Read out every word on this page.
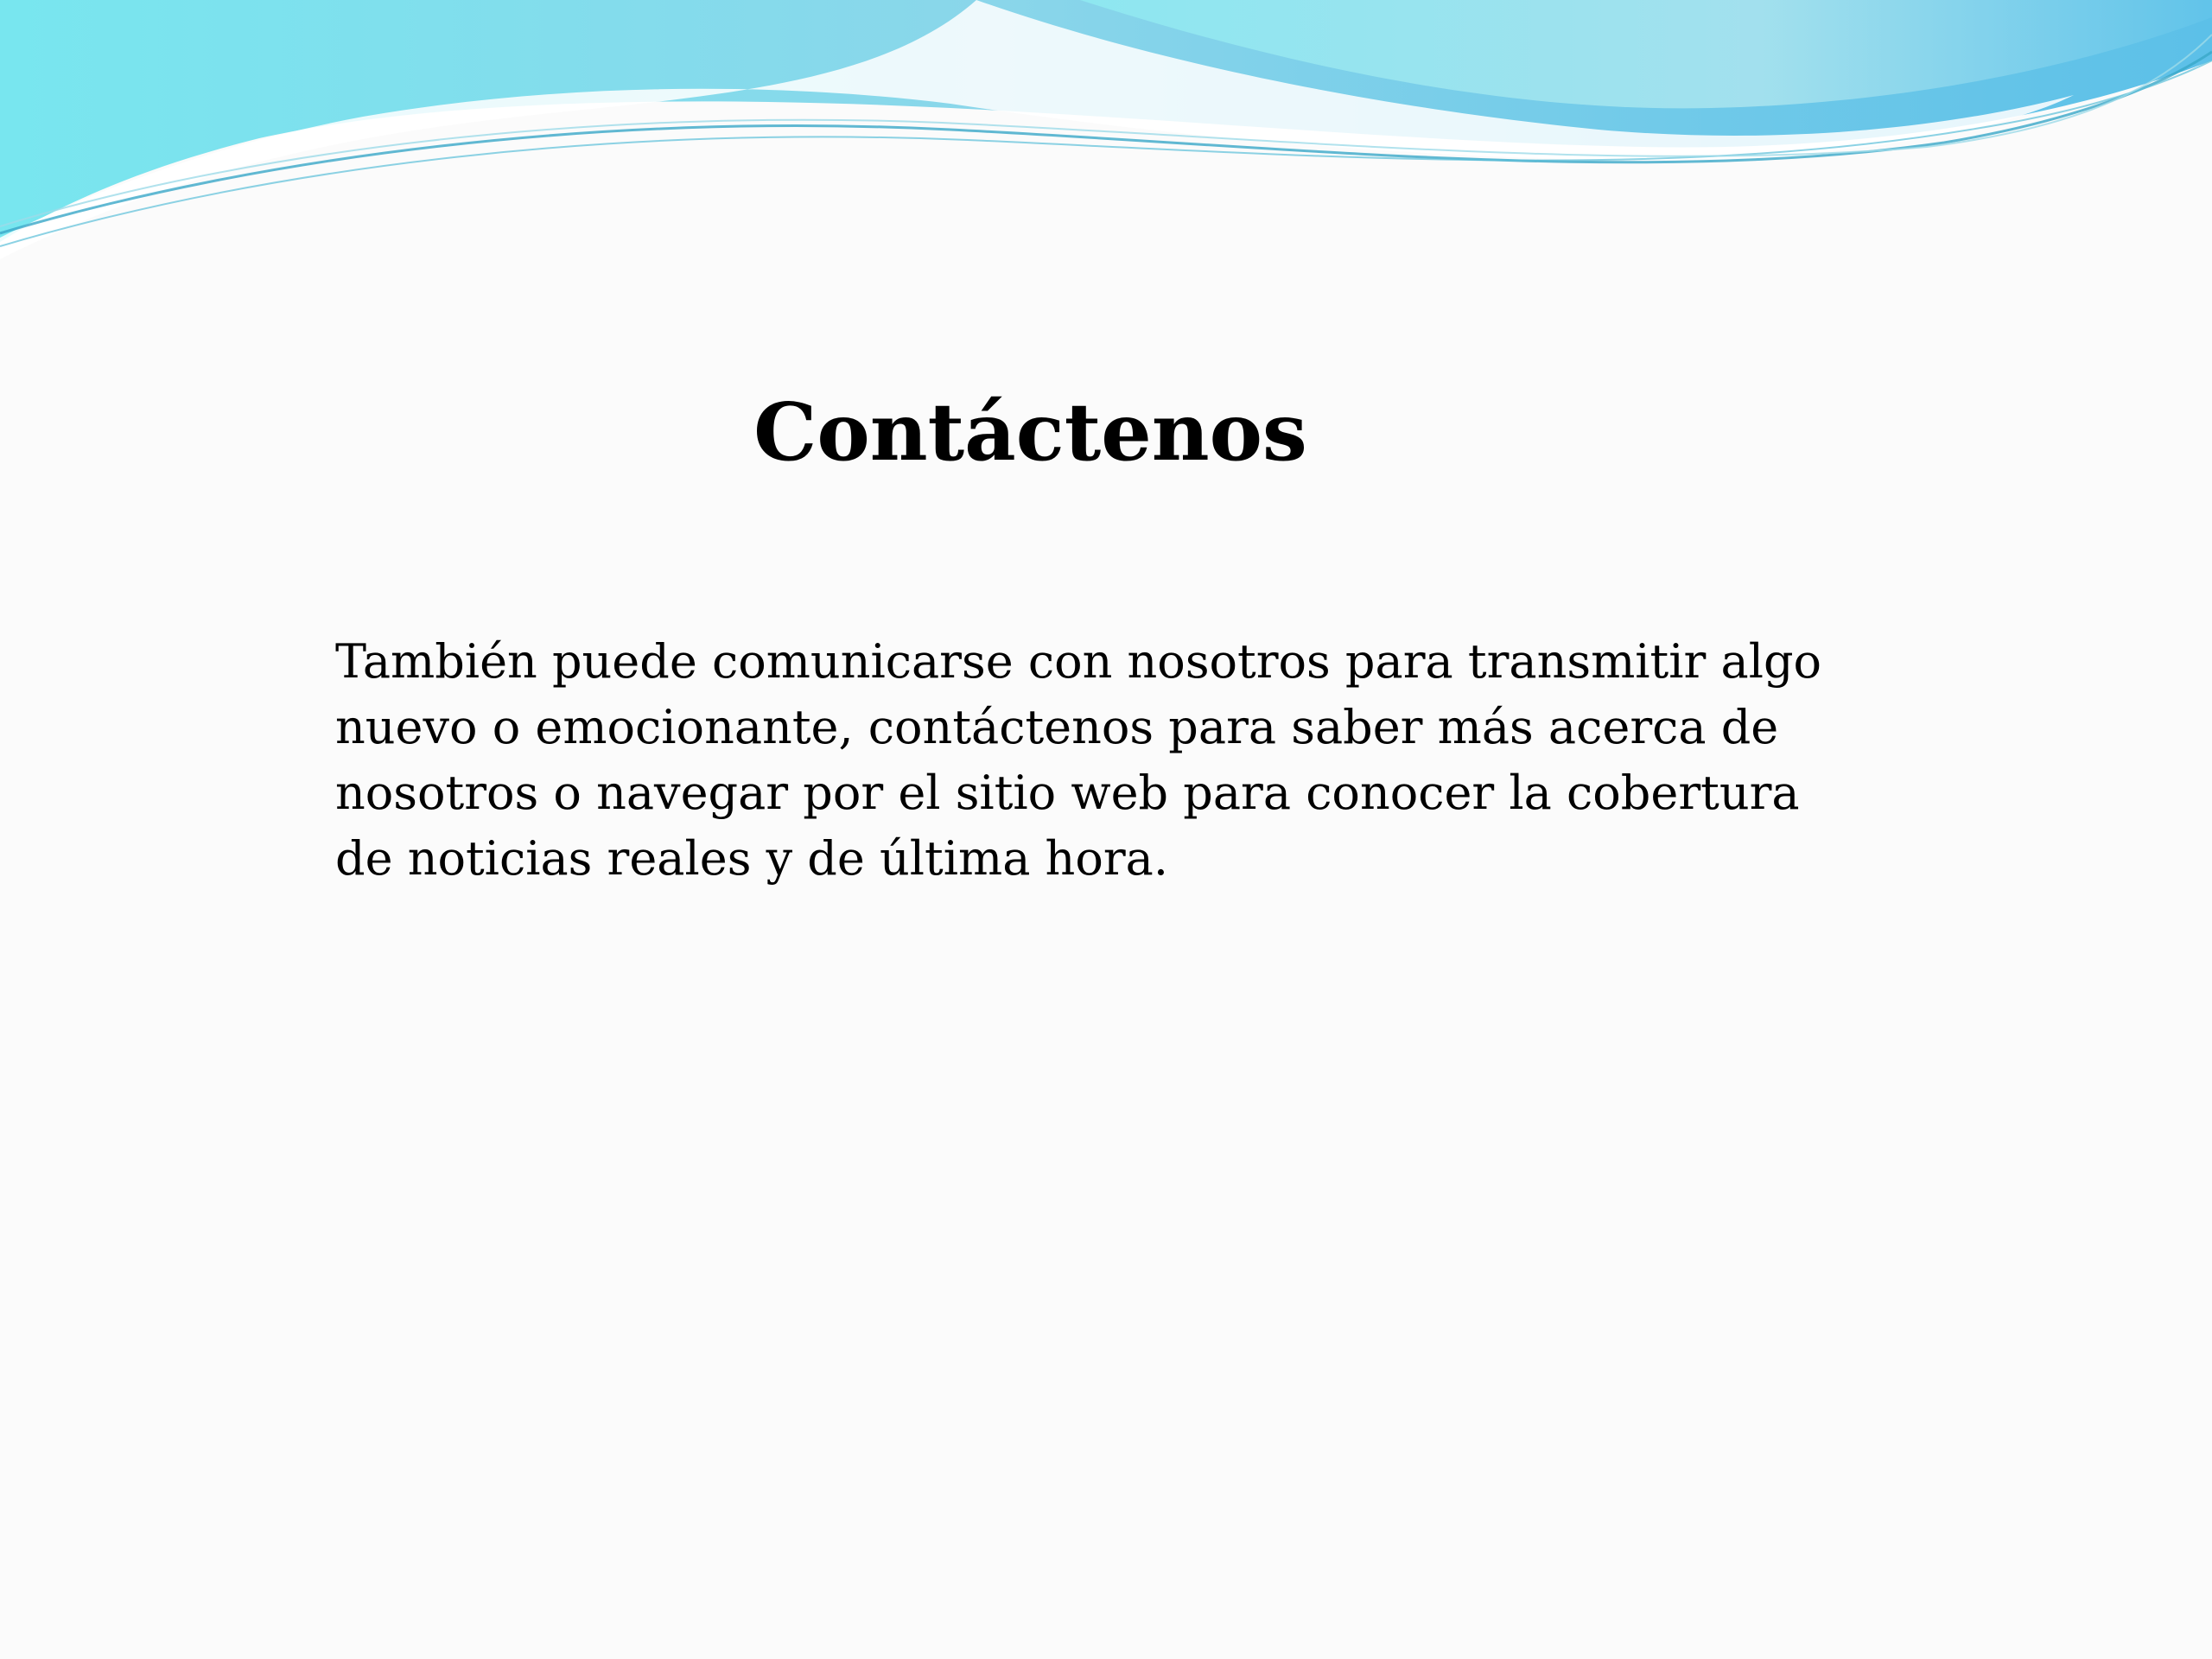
Contáctenos

También puede comunicarse con nosotros para transmitir algo
nuevo o emocionante, contáctenos para saber más acerca de
nosotros o navegar por el sitio web para conocer la cobertura
de noticias reales y de última hora.
